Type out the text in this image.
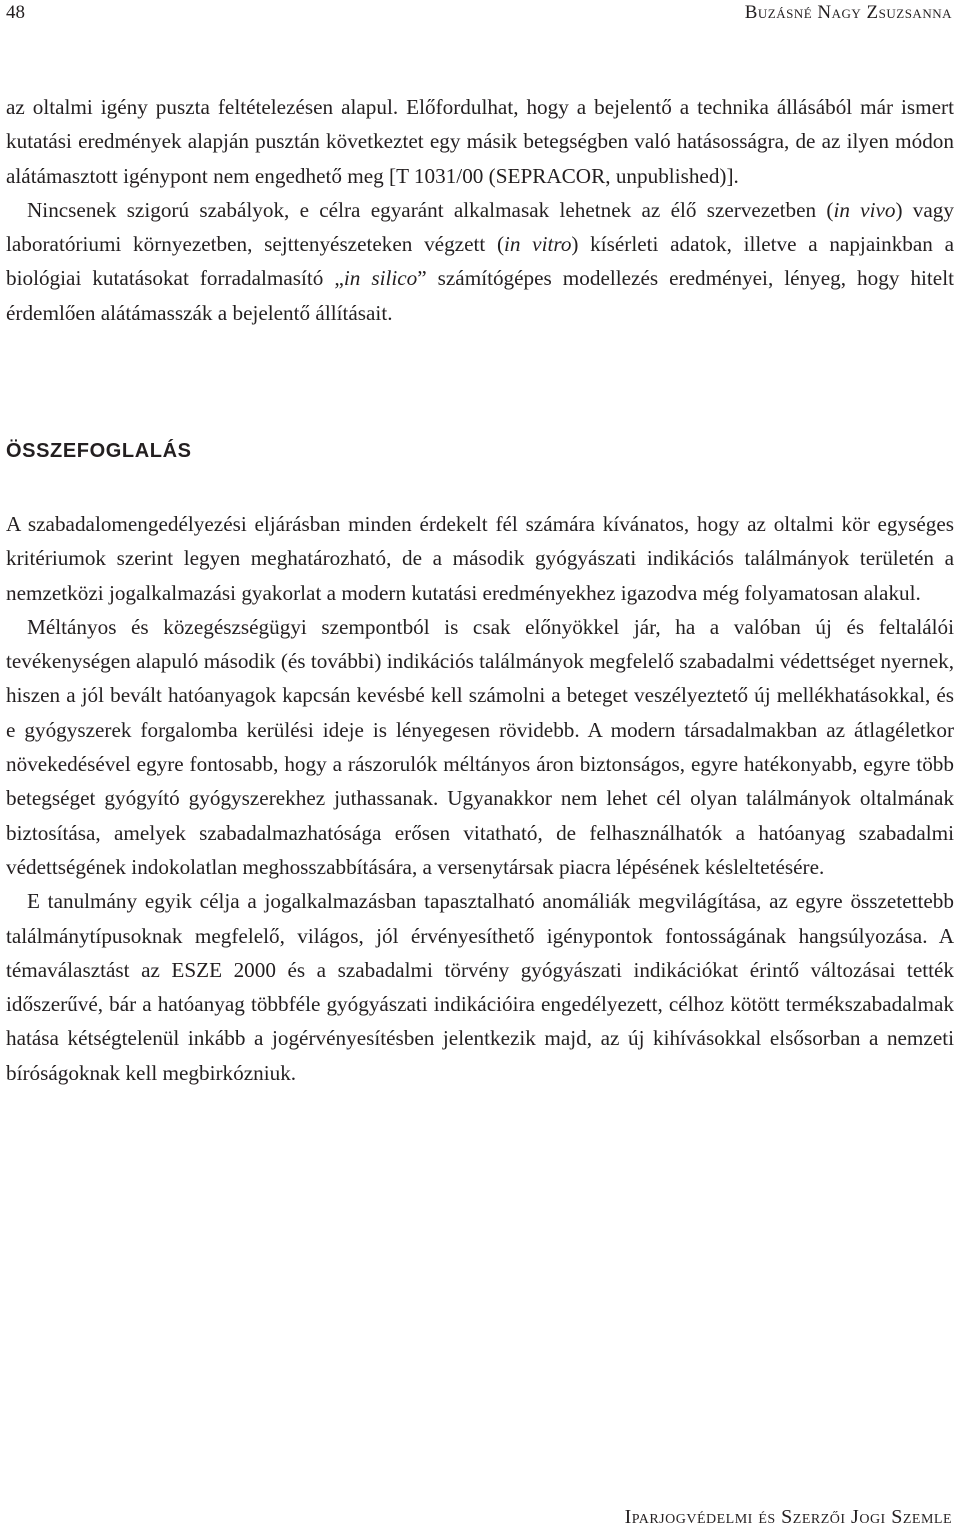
48	Buzásné Nagy Zsuzsanna

az oltalmi igény puszta feltételezésen alapul. Előfordulhat, hogy a bejelentő a technika állásából már ismert kutatási eredmények alapján pusztán következtet egy másik betegségben való hatásosságra, de az ilyen módon alátámasztott igénypont nem engedhető meg [T 1031/00 (SEPRACOR, unpublished)].

Nincsenek szigorú szabályok, e célra egyaránt alkalmasak lehetnek az élő szervezetben (in vivo) vagy laboratóriumi környezetben, sejttenyészeteken végzett (in vitro) kísérleti adatok, illetve a napjainkban a biológiai kutatásokat forradalmasító „in silico” számítógépes modellezés eredményei, lényeg, hogy hitelt érdemlően alátámasszák a bejelentő állításait.

ÖSSZEFOGLALÁS

A szabadalomengedélyezési eljárásban minden érdekelt fél számára kívánatos, hogy az oltalmi kör egységes kritériumok szerint legyen meghatározható, de a második gyógyászati indikációs találmányok területén a nemzetközi jogalkalmazási gyakorlat a modern kutatási eredményekhez igazodva még folyamatosan alakul.

Méltányos és közegészségügyi szempontból is csak előnyökkel jár, ha a valóban új és feltalálói tevékenységen alapuló második (és további) indikációs találmányok megfelelő szabadalmi védettséget nyernek, hiszen a jól bevált hatóanyagok kapcsán kevésbé kell számolni a beteget veszélyeztető új mellékhatásokkal, és e gyógyszerek forgalomba kerülési ideje is lényegesen rövidebb. A modern társadalmakban az átlagéletkor növekedésével egyre fontosabb, hogy a rászorulók méltányos áron biztonságos, egyre hatékonyabb, egyre több betegséget gyógyító gyógyszerekhez juthassanak. Ugyanakkor nem lehet cél olyan találmányok oltalmának biztosítása, amelyek szabadalmazhatósága erősen vitatható, de felhasználhatók a hatóanyag szabadalmi védettségének indokolatlan meghosszabbítására, a versenytársak piacra lépésének késleltetésére.

E tanulmány egyik célja a jogalkalmazásban tapasztalható anomáliák megvilágítása, az egyre összetettebb találmánytípusoknak megfelelő, világos, jól érvényesíthető igénypontok fontosságának hangsúlyozása. A témaválasztást az ESZE 2000 és a szabadalmi törvény gyógyászati indikációkat érintő változásai tették időszerűvé, bár a hatóanyag többféle gyógyászati indikációira engedélyezett, célhoz kötött termékszabadalmak hatása kétségtelenül inkább a jogérvényesítésben jelentkezik majd, az új kihívásokkal elsősorban a nemzeti bíróságoknak kell megbirkózniuk.

Iparjogvédelmi és Szerzői Jogi Szemle
